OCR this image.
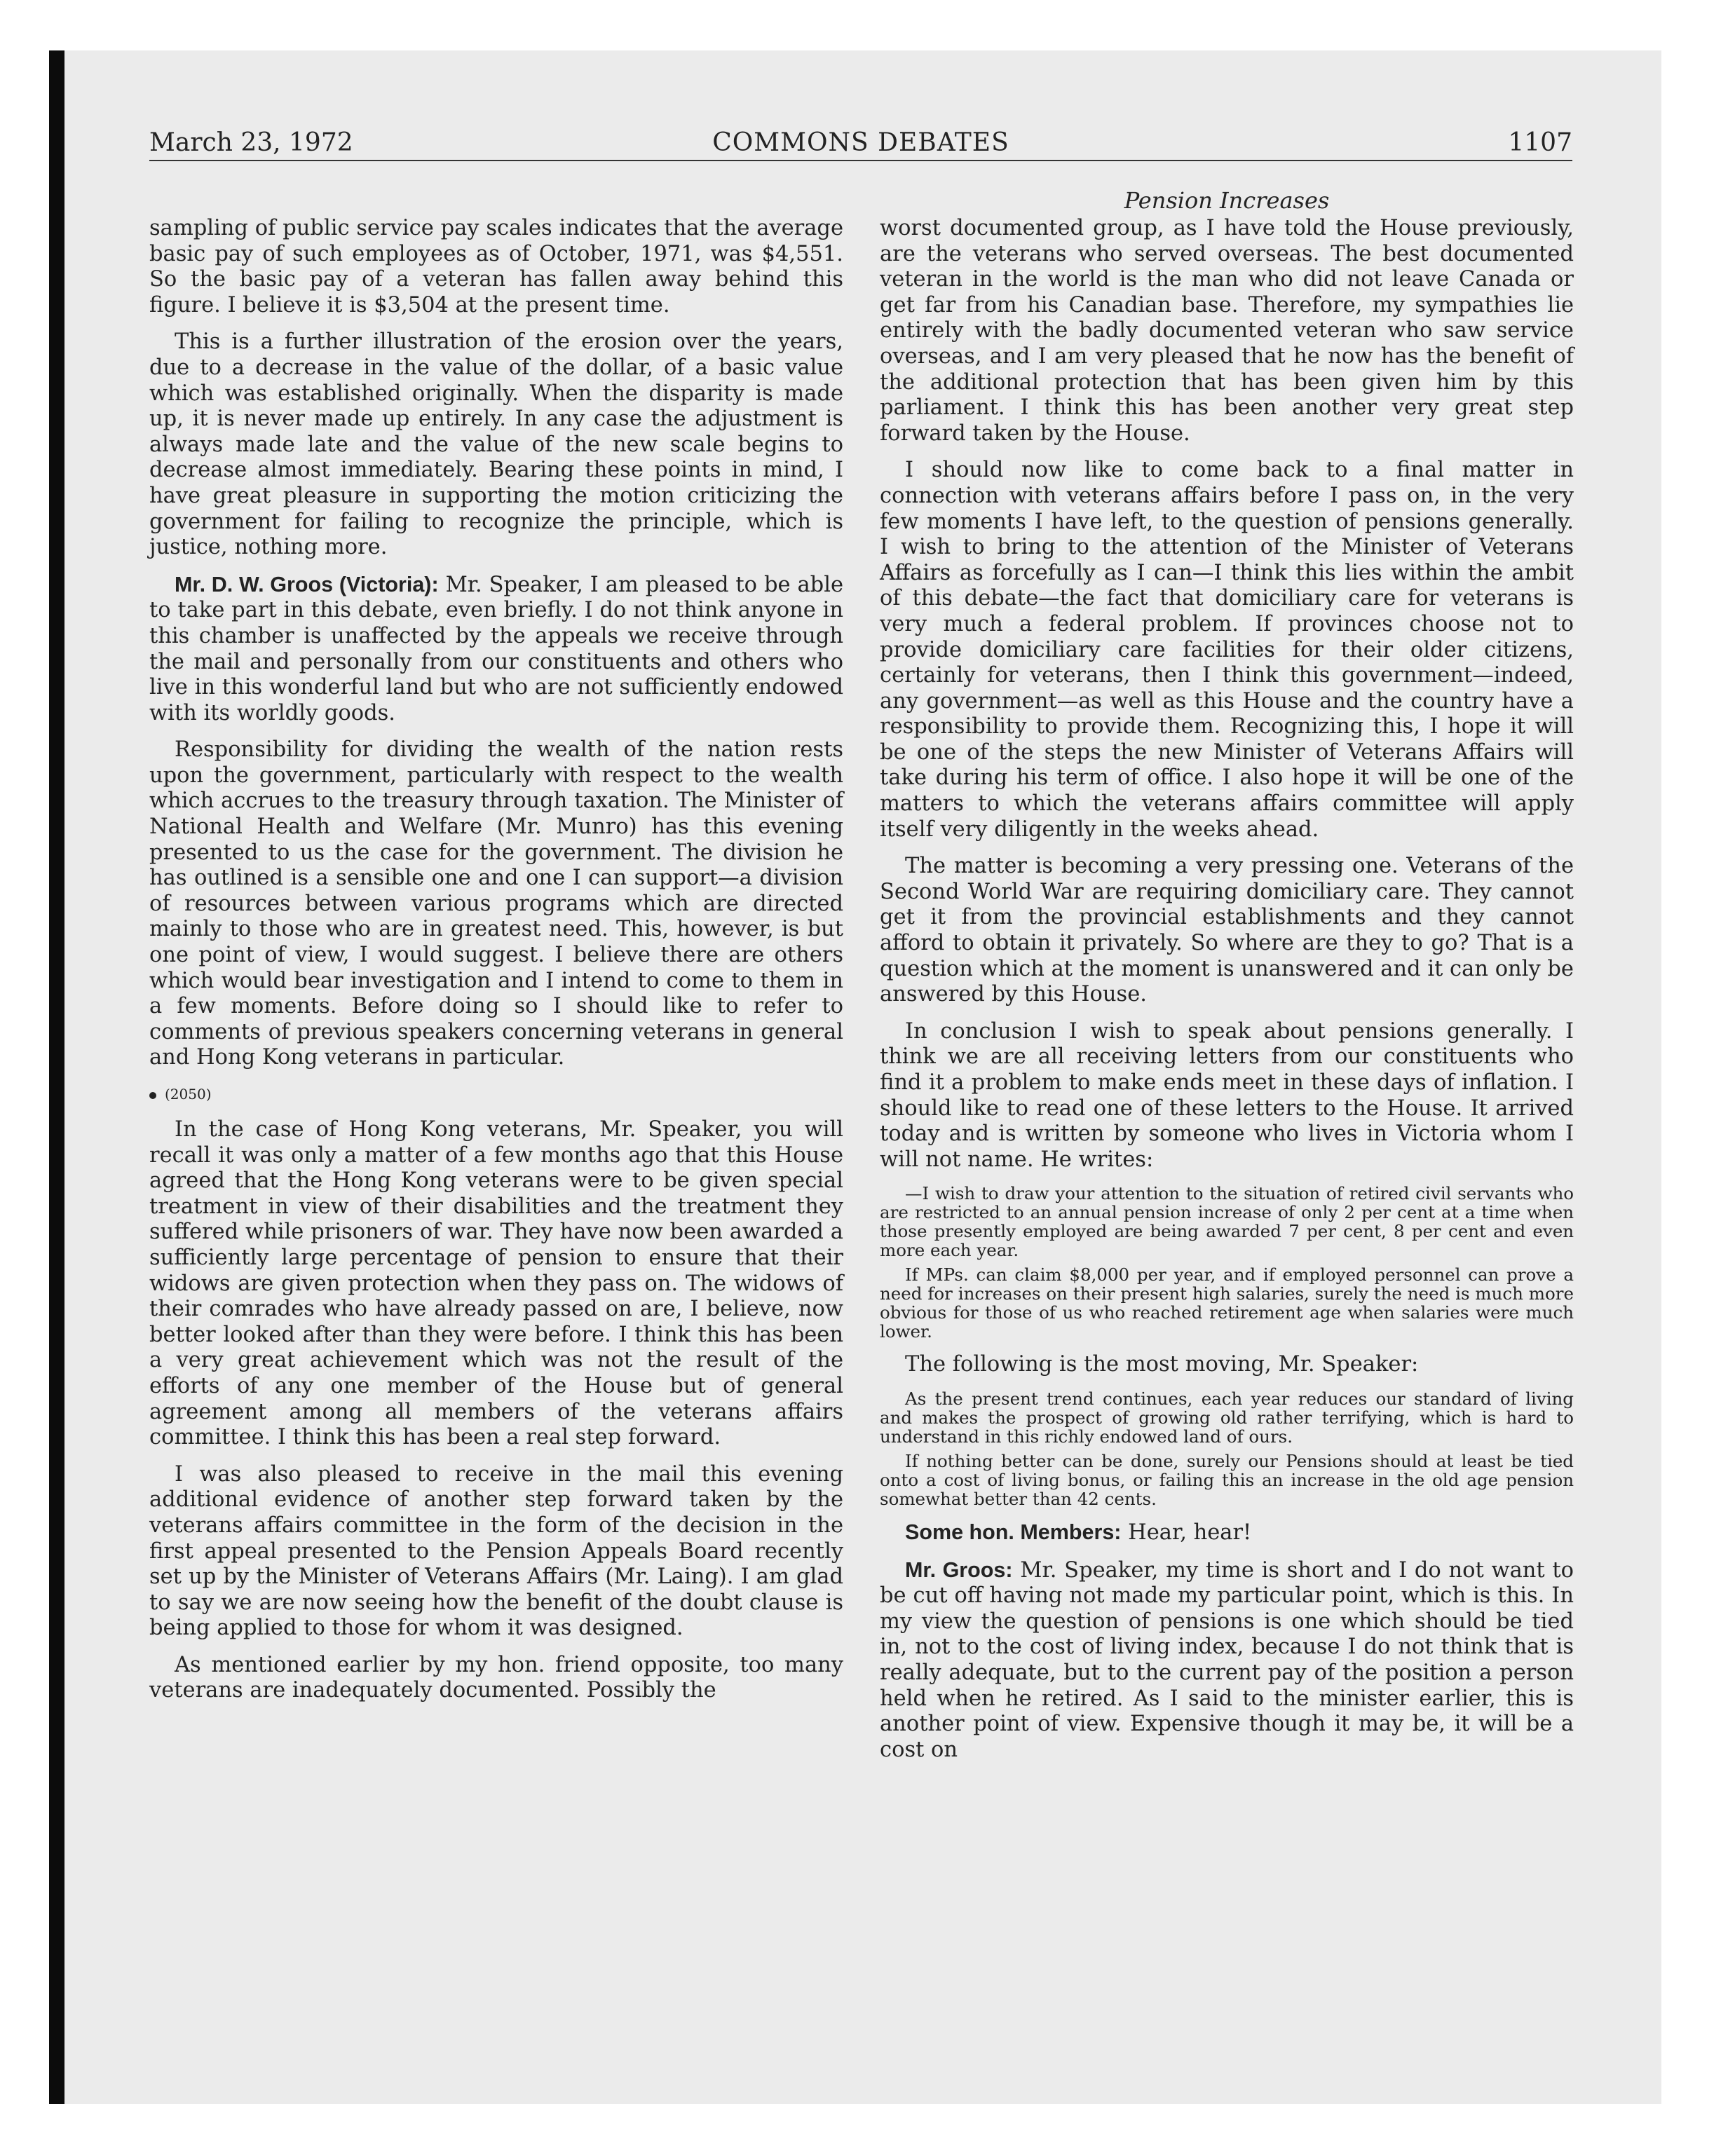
March 23, 1972	COMMONS DEBATES	1107
Pension Increases

sampling of public service pay scales indicates that the average basic pay of such employees as of October, 1971, was $4,551. So the basic pay of a veteran has fallen away behind this figure. I believe it is $3,504 at the present time.

This is a further illustration of the erosion over the years, due to a decrease in the value of the dollar, of a basic value which was established originally. When the disparity is made up, it is never made up entirely. In any case the adjustment is always made late and the value of the new scale begins to decrease almost immediately. Bearing these points in mind, I have great pleasure in supporting the motion criticizing the government for failing to recognize the principle, which is justice, nothing more.

Mr. D. W. Groos (Victoria): Mr. Speaker, I am pleased to be able to take part in this debate, even briefly. I do not think anyone in this chamber is unaffected by the appeals we receive through the mail and personally from our constituents and others who live in this wonderful land but who are not sufficiently endowed with its worldly goods.

Responsibility for dividing the wealth of the nation rests upon the government, particularly with respect to the wealth which accrues to the treasury through taxation. The Minister of National Health and Welfare (Mr. Munro) has this evening presented to us the case for the government. The division he has outlined is a sensible one and one I can support—a division of resources between various programs which are directed mainly to those who are in greatest need. This, however, is but one point of view, I would suggest. I believe there are others which would bear investigation and I intend to come to them in a few moments. Before doing so I should like to refer to comments of previous speakers concerning veterans in general and Hong Kong veterans in particular.

(2050)

In the case of Hong Kong veterans, Mr. Speaker, you will recall it was only a matter of a few months ago that this House agreed that the Hong Kong veterans were to be given special treatment in view of their disabilities and the treatment they suffered while prisoners of war. They have now been awarded a sufficiently large percentage of pension to ensure that their widows are given protection when they pass on. The widows of their comrades who have already passed on are, I believe, now better looked after than they were before. I think this has been a very great achievement which was not the result of the efforts of any one member of the House but of general agreement among all members of the veterans affairs committee. I think this has been a real step forward.

I was also pleased to receive in the mail this evening additional evidence of another step forward taken by the veterans affairs committee in the form of the decision in the first appeal presented to the Pension Appeals Board recently set up by the Minister of Veterans Affairs (Mr. Laing). I am glad to say we are now seeing how the benefit of the doubt clause is being applied to those for whom it was designed.

As mentioned earlier by my hon. friend opposite, too many veterans are inadequately documented. Possibly the

worst documented group, as I have told the House previously, are the veterans who served overseas. The best documented veteran in the world is the man who did not leave Canada or get far from his Canadian base. Therefore, my sympathies lie entirely with the badly documented veteran who saw service overseas, and I am very pleased that he now has the benefit of the additional protection that has been given him by this parliament. I think this has been another very great step forward taken by the House.

I should now like to come back to a final matter in connection with veterans affairs before I pass on, in the very few moments I have left, to the question of pensions generally. I wish to bring to the attention of the Minister of Veterans Affairs as forcefully as I can—I think this lies within the ambit of this debate—the fact that domiciliary care for veterans is very much a federal problem. If provinces choose not to provide domiciliary care facilities for their older citizens, certainly for veterans, then I think this government—indeed, any government—as well as this House and the country have a responsibility to provide them. Recognizing this, I hope it will be one of the steps the new Minister of Veterans Affairs will take during his term of office. I also hope it will be one of the matters to which the veterans affairs committee will apply itself very diligently in the weeks ahead.

The matter is becoming a very pressing one. Veterans of the Second World War are requiring domiciliary care. They cannot get it from the provincial establishments and they cannot afford to obtain it privately. So where are they to go? That is a question which at the moment is unanswered and it can only be answered by this House.

In conclusion I wish to speak about pensions generally. I think we are all receiving letters from our constituents who find it a problem to make ends meet in these days of inflation. I should like to read one of these letters to the House. It arrived today and is written by someone who lives in Victoria whom I will not name. He writes:

—I wish to draw your attention to the situation of retired civil servants who are restricted to an annual pension increase of only 2 per cent at a time when those presently employed are being awarded 7 per cent, 8 per cent and even more each year.

If MPs. can claim $8,000 per year, and if employed personnel can prove a need for increases on their present high salaries, surely the need is much more obvious for those of us who reached retirement age when salaries were much lower.

The following is the most moving, Mr. Speaker:

As the present trend continues, each year reduces our standard of living and makes the prospect of growing old rather terrifying, which is hard to understand in this richly endowed land of ours.

If nothing better can be done, surely our Pensions should at least be tied onto a cost of living bonus, or failing this an increase in the old age pension somewhat better than 42 cents.

Some hon. Members: Hear, hear!

Mr. Groos: Mr. Speaker, my time is short and I do not want to be cut off having not made my particular point, which is this. In my view the question of pensions is one which should be tied in, not to the cost of living index, because I do not think that is really adequate, but to the current pay of the position a person held when he retired. As I said to the minister earlier, this is another point of view. Expensive though it may be, it will be a cost on
